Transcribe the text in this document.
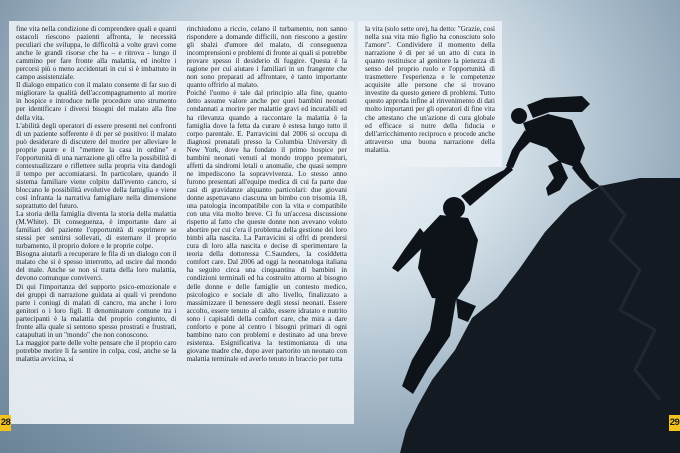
fine vita nella condizione di comprendere quali e quanti ostacoli riescono pazienti affronta, le necessità peculiari che sviluppa, le difficoltà a volte gravi come anche le grandi risorse che ha – e ritrova - lungo il cammino per fare fronte alla malattia, ed inoltre i percorsi più o meno accidentati in cui si è imbattuto in campo assistenziale.

Il dialogo empatico con il malato consente di far suo di migliorare la qualità dell'accompagnamento al morire in hospice e introduce nelle procedure uno strumento per identificare i diversi bisogni del malato alla fine della vita.

L'abilità degli operatori di essere presenti nei confronti di un paziente sofferente è di per sé positivo: il malato può desiderare di discutere del morire per alleviare le proprie paure e il "mettere la casa in ordine" e l'opportunità di una narrazione gli offre la possibilità di contestualizzare e riflettere sulla propria vita dandogli il tempo per accomiatarsi. In particolare, quando il sistema familiare viene colpito dall'evento cancro, si bloccano le possibilità evolutive della famiglia e viene così infranta la narrativa famigliare nella dimensione soprattutto del futuro.

La storia della famiglia diventa la storia della malattia (M.White). Di conseguenza, è importante dare ai familiari del paziente l'opportunità di esprimere se stessi per sentirsi sollevati, di esternare il proprio turbamento, il proprio dolore e le proprie colpe.

Bisogna aiutarli a recuperare le fila di un dialogo con il malato che si è spesso interrotto, ad uscire dal mondo del male. Anche se non si tratta della loro malattia, devono comunque conviverci.

Di qui l'importanza del supporto psico-emozionale e dei gruppi di narrazione guidata ai quali vi prendono parte i coniugi di malati di cancro, ma anche i loro genitori o i loro figli. Il denominatore comune tra i partecipanti è la malattia del proprio congiunto, di fronte alla quale si sentono spesso prostrati e frustrati, catapultati in un "mondo" che non conoscono.

La maggior parte delle volte pensare che il proprio caro potrebbe morire li fa sentire in colpa, così, anche se la malattia avvicina, si

rinchiudono a riccio, celano il turbamento, non sanno rispondere a domande difficili, non riescono a gestire gli sbalzi d'umore del malato, di conseguenza incomprensioni e problemi di fronte ai quali si potrebbe provare spesso il desiderio di fuggire. Questa è la ragione per cui aiutare i familiari in un frangente che non sono preparati ad affrontare, è tanto importante quanto offrirlo al malato.

Poiché l'uomo è tale dal principio alla fine, quanto detto assume valore anche per quei bambini neonati condannati a morire per malattie gravi ed incurabili ed ha rilevanza quando a raccontare la malattia è la famiglia dove la fetta da curare è estesa lungo tutto il corpo parentale. E. Parravicini dal 2006 si occupa di diagnosi prenatali presso la Columbia University di New York, dove ha fondato il primo hospice per bambini neonati venuti al mondo troppo prematuri, affetti da sindromi letali o anomalie, che quasi sempre ne impediscono la sopravvivenza. Lo stesso anno furono presentati all'equipe medica di cui fa parte due casi di gravidanze alquanto particolari: due giovani donne aspettavano ciascuna un bimbo con trisomia 18, una patologia incompatibile con la vita e compatibile con una vita molto breve. Ci fu un'accesa discussione rispetto al fatto che queste donne non avevano voluto abortire per cui c'era il problema della gestione dei loro bimbi alla nascita. La Parravicini si offrì di prendersi cura di loro alla nascita e decise di sperimentare la teoria della dottoressa C.Saunders, la cosiddetta comfort care. Dal 2006 ad oggi la neonatologa italiana ha seguito circa una cinquantina di bambini in condizioni terminali ed ha costruito attorno al bisogno delle donne e delle famiglie un contesto medico, psicologico e sociale di alto livello, finalizzato a massimizzare il benessere degli stessi neonati. Essere accolto, essere tenuto al caldo, essere idratato e nutrito sono i capisaldi della comfort care, che mira a dare conforto e pone al centro i bisogni primari di ogni bambino nato con problemi e destinato ad una breve esistenza. Esignificativa la testimonianza di una giovane madre che, dopo aver partorito un neonato con malattia terminale ed averlo tenuto in braccio per tutta

la vita (solo sette ore), ha detto: "Grazie, così nella sua vita mio figlio ha conosciuto solo l'amore". Condividere il momento della narrazione è di per sé un atto di cura in quanto restituisce al genitore la pienezza di senso del proprio ruolo e l'opportunità di trasmettere l'esperienza e le competenze acquisite alle persone che si trovano investite da questo genere di problemi. Tutto questo approda infine al rinvenimento di dati molto importanti per gli operatori di fine vita che attestano che un'azione di cura globale ed efficace si nutre della fiducia e dell'arricchimento reciproco e procede anche attraverso una buona narrazione della malattia.

28	29
